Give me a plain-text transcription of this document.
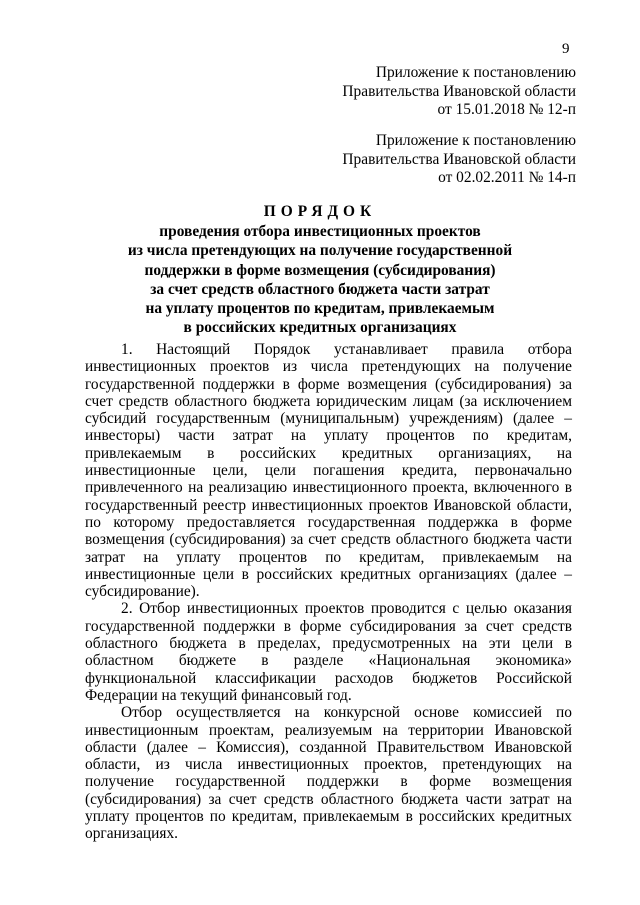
9
Приложение к постановлению
Правительства Ивановской области
от 15.01.2018 № 12-п
Приложение к постановлению
Правительства Ивановской области
от 02.02.2011 № 14-п
ПОРЯДОК
проведения отбора инвестиционных проектов
из числа претендующих на получение государственной
поддержки в форме возмещения (субсидирования)
за счет средств областного бюджета части затрат
на уплату процентов по кредитам, привлекаемым
в российских кредитных организациях

1. Настоящий Порядок устанавливает правила отбора инвестиционных проектов из числа претендующих на получение государственной поддержки в форме возмещения (субсидирования) за счет средств областного бюджета юридическим лицам (за исключением субсидий государственным (муниципальным) учреждениям) (далее – инвесторы) части затрат на уплату процентов по кредитам, привлекаемым в российских кредитных организациях, на инвестиционные цели, цели погашения кредита, первоначально привлеченного на реализацию инвестиционного проекта, включенного в государственный реестр инвестиционных проектов Ивановской области, по которому предоставляется государственная поддержка в форме возмещения (субсидирования) за счет средств областного бюджета части затрат на уплату процентов по кредитам, привлекаемым на инвестиционные цели в российских кредитных организациях (далее – субсидирование).

2. Отбор инвестиционных проектов проводится с целью оказания государственной поддержки в форме субсидирования за счет средств областного бюджета в пределах, предусмотренных на эти цели в областном бюджете в разделе «Национальная экономика» функциональной классификации расходов бюджетов Российской Федерации на текущий финансовый год.

Отбор осуществляется на конкурсной основе комиссией по инвестиционным проектам, реализуемым на территории Ивановской области (далее – Комиссия), созданной Правительством Ивановской области, из числа инвестиционных проектов, претендующих на получение государственной поддержки в форме возмещения (субсидирования) за счет средств областного бюджета части затрат на уплату процентов по кредитам, привлекаемым в российских кредитных организациях.
